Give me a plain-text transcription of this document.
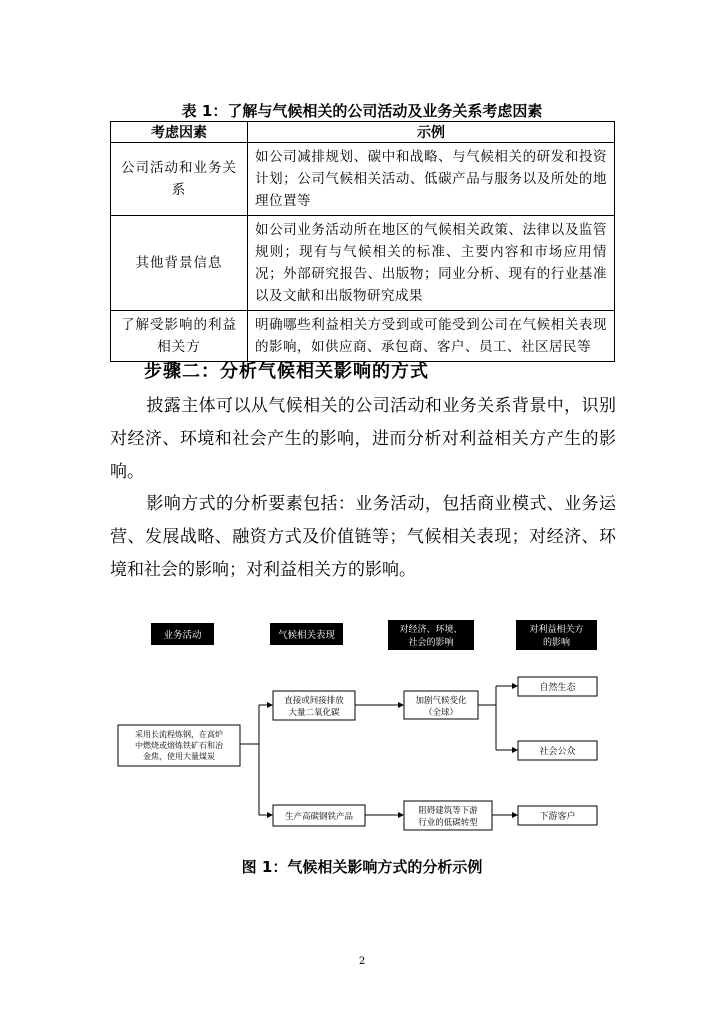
表 1：了解与气候相关的公司活动及业务关系考虑因素
考虑因素	示例
公司活动和业务关系	如公司减排规划、碳中和战略、与气候相关的研发和投资计划；公司气候相关活动、低碳产品与服务以及所处的地理位置等
其他背景信息	如公司业务活动所在地区的气候相关政策、法律以及监管规则；现有与气候相关的标准、主要内容和市场应用情况；外部研究报告、出版物；同业分析、现有的行业基准以及文献和出版物研究成果
了解受影响的利益相关方	明确哪些利益相关方受到或可能受到公司在气候相关表现的影响，如供应商、承包商、客户、员工、社区居民等
步骤二：分析气候相关影响的方式
披露主体可以从气候相关的公司活动和业务关系背景中，识别对经济、环境和社会产生的影响，进而分析对利益相关方产生的影响。
影响方式的分析要素包括：业务活动，包括商业模式、业务运营、发展战略、融资方式及价值链等；气候相关表现；对经济、环境和社会的影响；对利益相关方的影响。
业务活动	气候相关表现	对经济、环境、
社会的影响
对利益相关方
的影响
采用长流程炼钢，在高炉
中燃烧或熔炼铁矿石和冶
金焦，使用大量煤炭
直接或间接排放
大量二氧化碳
生产高碳钢铁产品
加剧气候变化
（全球）
阻碍建筑等下游
行业的低碳转型
自然生态
社会公众
下游客户
图 1：气候相关影响方式的分析示例
2
